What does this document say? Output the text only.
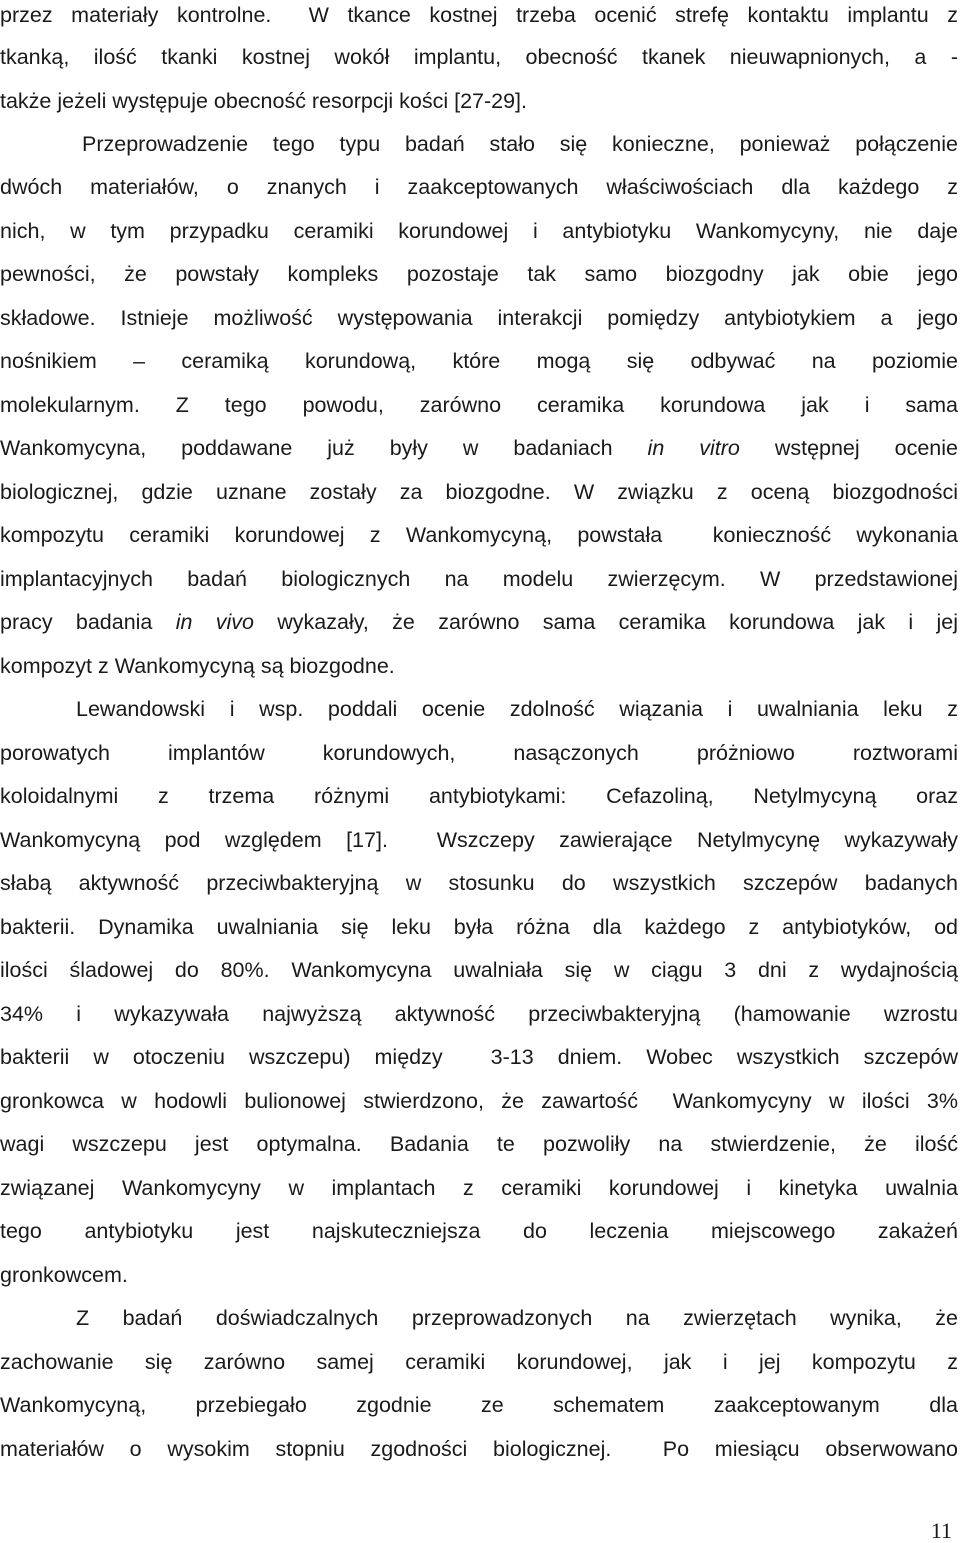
przez materiały kontrolne.  W tkance kostnej trzeba ocenić strefę kontaktu implantu z
tkanką, ilość tkanki kostnej wokół implantu, obecność tkanek nieuwapnionych, a -
także jeżeli występuje obecność resorpcji kości [27-29].
Przeprowadzenie tego typu badań stało się konieczne, ponieważ połączenie
dwóch materiałów, o znanych i zaakceptowanych właściwościach dla każdego z
nich, w tym przypadku ceramiki korundowej i antybiotyku Wankomycyny, nie daje
pewności, że powstały kompleks pozostaje tak samo biozgodny jak obie jego
składowe. Istnieje możliwość występowania interakcji pomiędzy antybiotykiem a jego
nośnikiem – ceramiką korundową, które mogą się odbywać na poziomie
molekularnym. Z tego powodu, zarówno ceramika korundowa jak i sama
Wankomycyna, poddawane już były w badaniach in vitro wstępnej ocenie
biologicznej, gdzie uznane zostały za biozgodne. W związku z oceną biozgodności
kompozytu ceramiki korundowej z Wankomycyną, powstała  konieczność wykonania
implantacyjnych badań biologicznych na modelu zwierzęcym. W przedstawionej
pracy badania in vivo wykazały, że zarówno sama ceramika korundowa jak i jej
kompozyt z Wankomycyną są biozgodne.
Lewandowski i wsp. poddali ocenie zdolność wiązania i uwalniania leku z
porowatych implantów korundowych, nasączonych próżniowo roztworami
koloidalnymi z trzema różnymi antybiotykami: Cefazoliną, Netylmycyną oraz
Wankomycyną pod względem [17].  Wszczepy zawierające Netylmycynę wykazywały
słabą aktywność przeciwbakteryjną w stosunku do wszystkich szczepów badanych
bakterii. Dynamika uwalniania się leku była różna dla każdego z antybiotyków, od
ilości śladowej do 80%. Wankomycyna uwalniała się w ciągu 3 dni z wydajnością
34% i wykazywała najwyższą aktywność przeciwbakteryjną (hamowanie wzrostu
bakterii w otoczeniu wszczepu) między  3-13 dniem. Wobec wszystkich szczepów
gronkowca w hodowli bulionowej stwierdzono, że zawartość  Wankomycyny w ilości 3%
wagi wszczepu jest optymalna. Badania te pozwoliły na stwierdzenie, że ilość
związanej Wankomycyny w implantach z ceramiki korundowej i kinetyka uwalnia
tego antybiotyku jest najskuteczniejsza do leczenia miejscowego zakażeń
gronkowcem.
Z badań doświadczalnych przeprowadzonych na zwierzętach wynika, że
zachowanie się zarówno samej ceramiki korundowej, jak i jej kompozytu z
Wankomycyną, przebiegało zgodnie ze schematem zaakceptowanym dla
materiałów o wysokim stopniu zgodności biologicznej.  Po miesiącu obserwowano
11
